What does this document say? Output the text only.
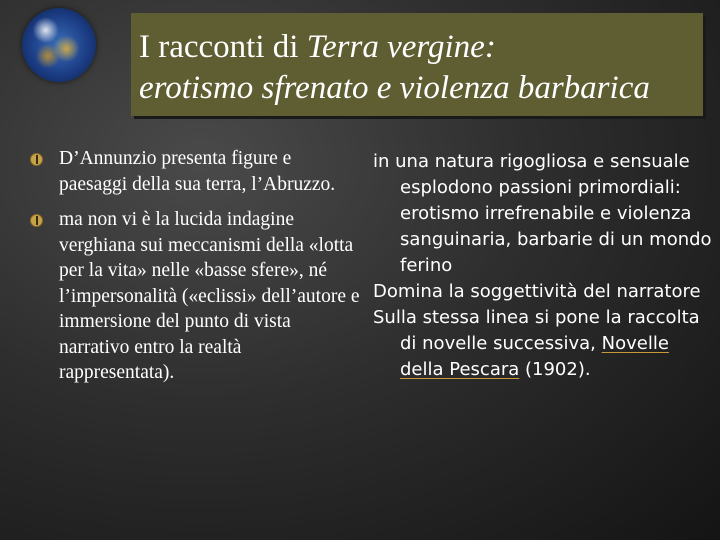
I racconti di Terra vergine:
erotismo sfrenato e violenza barbarica
D’Annunzio presenta figure e paesaggi della sua terra, l’Abruzzo.
ma non vi è la lucida indagine verghiana sui meccanismi della «lotta per la vita» nelle «basse sfere», né l’impersonalità («eclissi» dell’autore e immersione del punto di vista narrativo entro la realtà rappresentata).

in una natura rigogliosa e sensuale esplodono passioni primordiali: erotismo irrefrenabile e violenza sanguinaria, barbarie di un mondo ferino

Domina la soggettività del narratore

Sulla stessa linea si pone la raccolta di novelle successiva, Novelle della Pescara (1902).
